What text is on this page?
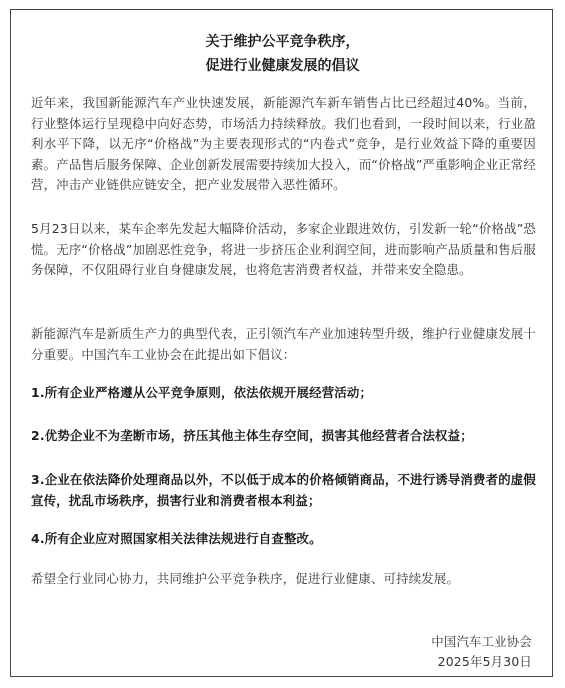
关于维护公平竞争秩序，
促进行业健康发展的倡议

近年来，我国新能源汽车产业快速发展，新能源汽车新车销售占比已经超过40%。当前，行业整体运行呈现稳中向好态势，市场活力持续释放。我们也看到，一段时间以来，行业盈利水平下降，以无序“价格战”为主要表现形式的“内卷式”竞争，是行业效益下降的重要因素。产品售后服务保障、企业创新发展需要持续加大投入，而“价格战”严重影响企业正常经营，冲击产业链供应链安全，把产业发展带入恶性循环。

5月23日以来，某车企率先发起大幅降价活动，多家企业跟进效仿，引发新一轮“价格战”恐慌。无序“价格战”加剧恶性竞争，将进一步挤压企业利润空间，进而影响产品质量和售后服务保障，不仅阻碍行业自身健康发展，也将危害消费者权益，并带来安全隐患。

新能源汽车是新质生产力的典型代表，正引领汽车产业加速转型升级，维护行业健康发展十分重要。中国汽车工业协会在此提出如下倡议：

1.所有企业严格遵从公平竞争原则，依法依规开展经营活动；

2.优势企业不为垄断市场，挤压其他主体生存空间，损害其他经营者合法权益；

3.企业在依法降价处理商品以外，不以低于成本的价格倾销商品，不进行诱导消费者的虚假宣传，扰乱市场秩序，损害行业和消费者根本利益；

4.所有企业应对照国家相关法律法规进行自查整改。

希望全行业同心协力，共同维护公平竞争秩序，促进行业健康、可持续发展。

中国汽车工业协会
2025年5月30日
